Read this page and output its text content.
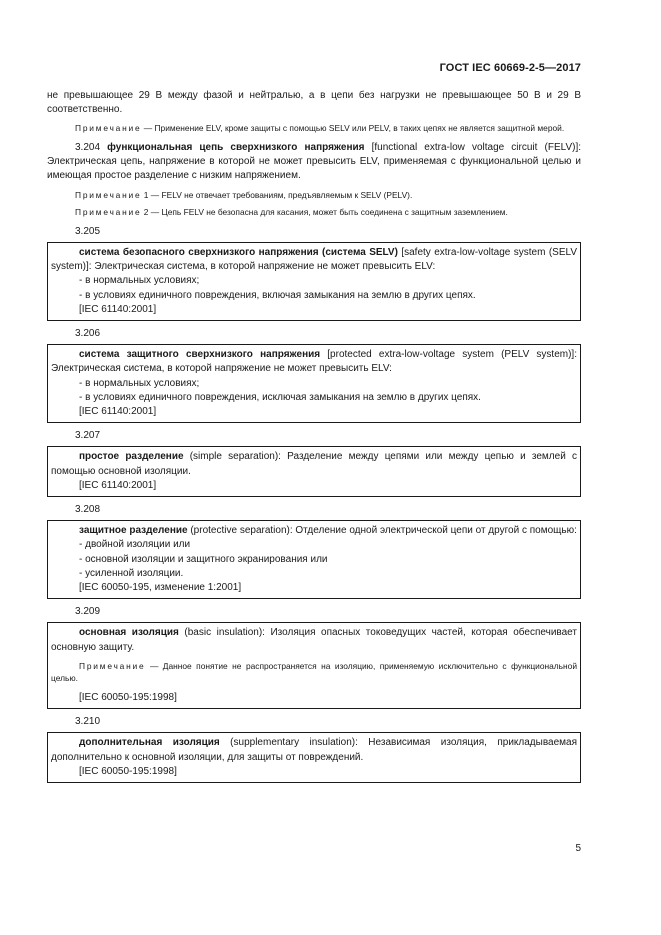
ГОСТ IEC 60669-2-5—2017

не превышающее 29 В между фазой и нейтралью, а в цепи без нагрузки не превышающее 50 В и 29 В соответственно.

Примечание — Применение ELV, кроме защиты с помощью SELV или PELV, в таких цепях не является защитной мерой.

3.204 функциональная цепь сверхнизкого напряжения [functional extra-low voltage circuit (FELV)]: Электрическая цепь, напряжение в которой не может превысить ELV, применяемая с функциональной целью и имеющая простое разделение с низким напряжением.

Примечание 1 — FELV не отвечает требованиям, предъявляемым к SELV (PELV).

Примечание 2 — Цепь FELV не безопасна для касания, может быть соединена с защитным заземлением.

3.205

система безопасного сверхнизкого напряжения (система SELV) [safety extra-low-voltage system (SELV system)]: Электрическая система, в которой напряжение не может превысить ELV:

- в нормальных условиях;
- в условиях единичного повреждения, включая замыкания на землю в других цепях.
[IEC 61140:2001]
3.206

система защитного сверхнизкого напряжения [protected extra-low-voltage system (PELV system)]: Электрическая система, в которой напряжение не может превысить ELV:

- в нормальных условиях;
- в условиях единичного повреждения, исключая замыкания на землю в других цепях.
[IEC 61140:2001]
3.207

простое разделение (simple separation): Разделение между цепями или между цепью и землей с помощью основной изоляции.

[IEC 61140:2001]
3.208

защитное разделение (protective separation): Отделение одной электрической цепи от другой с помощью:

- двойной изоляции или
- основной изоляции и защитного экранирования или
- усиленной изоляции.
[IEC 60050-195, изменение 1:2001]
3.209

основная изоляция (basic insulation): Изоляция опасных токоведущих частей, которая обеспечивает основную защиту.

Примечание — Данное понятие не распространяется на изоляцию, применяемую исключительно с функциональной целью.

[IEC 60050-195:1998]
3.210

дополнительная изоляция (supplementary insulation): Независимая изоляция, прикладываемая дополнительно к основной изоляции, для защиты от повреждений.

[IEC 60050-195:1998]
5
